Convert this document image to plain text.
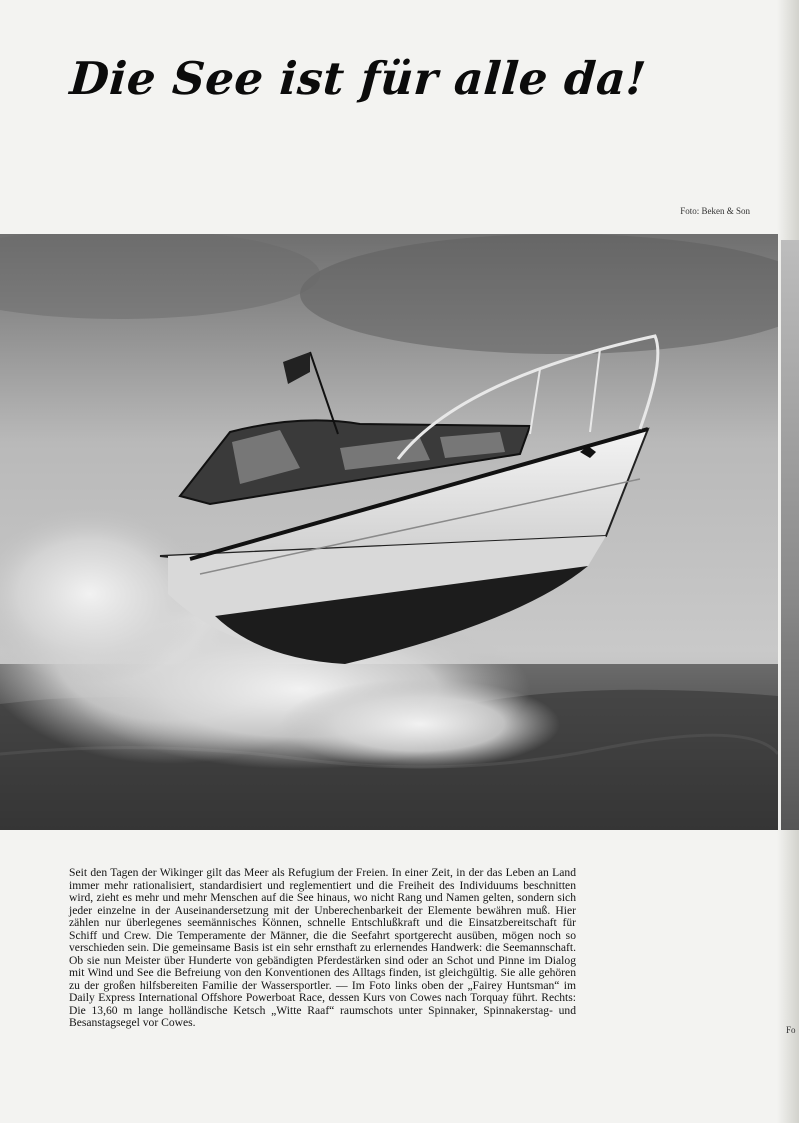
Die See ist für alle da!
Foto: Beken & Son
Seit den Tagen der Wikinger gilt das Meer als Refugium der Freien. In einer Zeit, in der das Leben an Land immer mehr rationalisiert, standardisiert und reglementiert und die Freiheit des Individuums beschnitten wird, zieht es mehr und mehr Menschen auf die See hinaus, wo nicht Rang und Namen gelten, sondern sich jeder einzelne in der Auseinandersetzung mit der Unberechenbarkeit der Elemente bewähren muß. Hier zählen nur überlegenes seemännisches Können, schnelle Entschlußkraft und die Einsatzbereitschaft für Schiff und Crew. Die Temperamente der Männer, die die Seefahrt sportgerecht ausüben, mögen noch so verschieden sein. Die gemeinsame Basis ist ein sehr ernsthaft zu erlernendes Handwerk: die Seemannschaft. Ob sie nun Meister über Hunderte von gebändigten Pferdestärken sind oder an Schot und Pinne im Dialog mit Wind und See die Befreiung von den Konventionen des Alltags finden, ist gleichgültig. Sie alle gehören zu der großen hilfsbereiten Familie der Wassersportler. — Im Foto links oben der „Fairey Huntsman“ im Daily Express International Offshore Powerboat Race, dessen Kurs von Cowes nach Torquay führt. Rechts: Die 13,60 m lange holländische Ketsch „Witte Raaf“ raumschots unter Spinnaker, Spinnakerstag- und Besanstagsegel vor Cowes.
Fo
